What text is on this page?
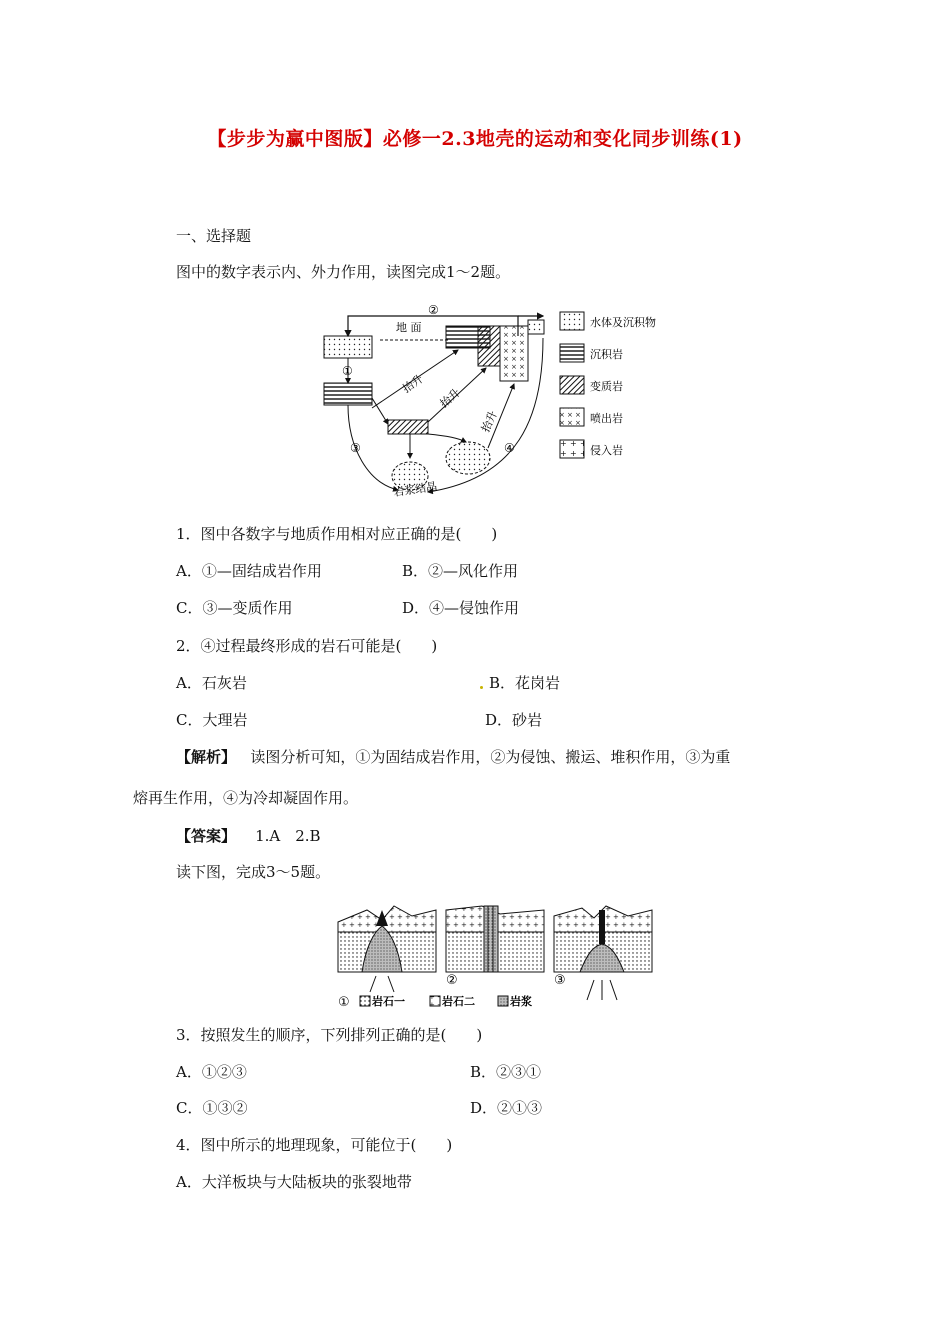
【步步为赢中图版】必修一2.3地壳的运动和变化同步训练(1)
一、选择题
图中的数字表示内、外力作用，读图完成1～2题。
②
地 面
①
抬升
抬升
抬升
③	④
岩浆结晶
水体及沉积物
沉积岩
变质岩
喷出岩
侵入岩
1．图中各数字与地质作用相对应正确的是(　　)
A．①—固结成岩作用	B．②—风化作用
C．③—变质作用	D．④—侵蚀作用
2．④过程最终形成的岩石可能是(　　)
A．石灰岩	B．花岗岩
C．大理岩	D．砂岩
【解析】 读图分析可知，①为固结成岩作用，②为侵蚀、搬运、堆积作用，③为重
熔再生作用，④为冷却凝固作用。
【答案】 1.A　2.B
读下图，完成3～5题。
①
②	③
岩石一	岩石二	岩浆
3．按照发生的顺序，下列排列正确的是(　　)
A．①②③	B．②③①
C．①③②	D．②①③
4．图中所示的地理现象，可能位于(　　)
A．大洋板块与大陆板块的张裂地带
